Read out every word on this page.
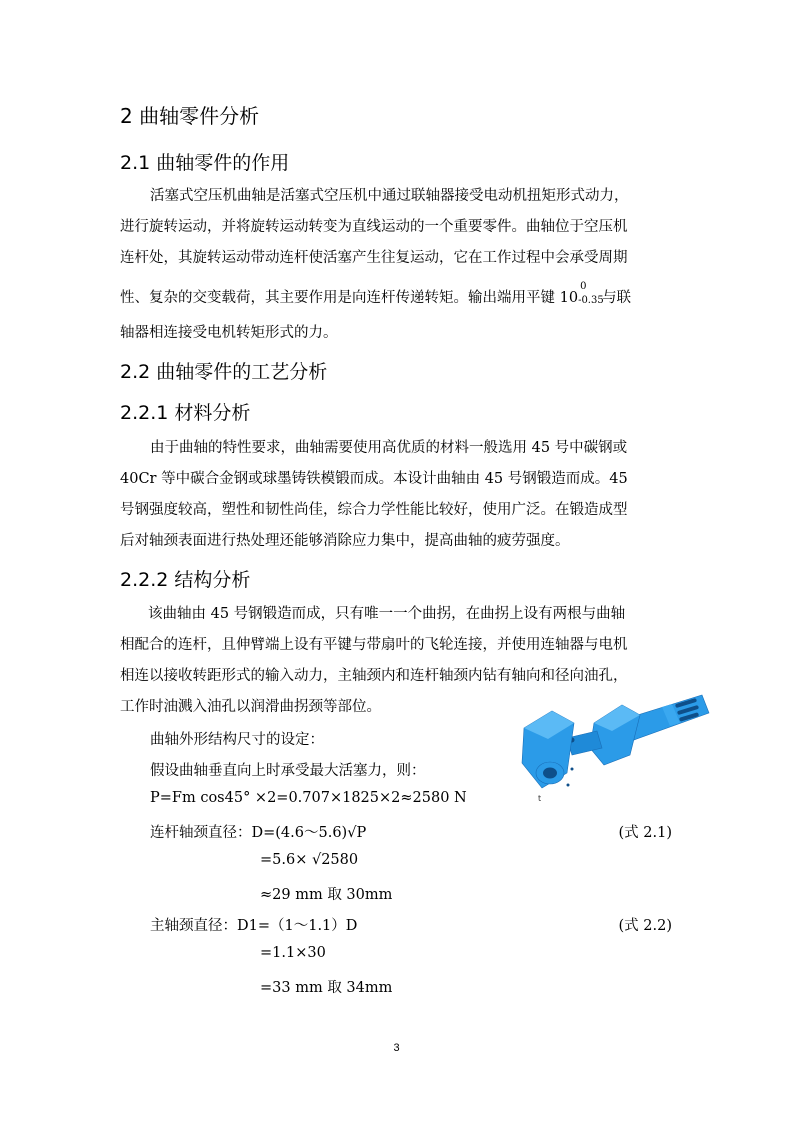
2 曲轴零件分析
2.1 曲轴零件的作用
活塞式空压机曲轴是活塞式空压机中通过联轴器接受电动机扭矩形式动力，
进行旋转运动，并将旋转运动转变为直线运动的一个重要零件。曲轴位于空压机
连杆处，其旋转运动带动连杆使活塞产生往复运动，它在工作过程中会承受周期
性、复杂的交变载荷，其主要作用是向连杆传递转矩。输出端用平键 10
0
-0.35
与联
轴器相连接受电机转矩形式的力。
2.2 曲轴零件的工艺分析
2.2.1 材料分析
由于曲轴的特性要求，曲轴需要使用高优质的材料一般选用 45 号中碳钢或
40Cr 等中碳合金钢或球墨铸铁模锻而成。本设计曲轴由 45 号钢锻造而成。45
号钢强度较高，塑性和韧性尚佳，综合力学性能比较好，使用广泛。在锻造成型
后对轴颈表面进行热处理还能够消除应力集中，提高曲轴的疲劳强度。
2.2.2 结构分析
该曲轴由 45 号钢锻造而成，只有唯一一个曲拐，在曲拐上设有两根与曲轴
相配合的连杆，且伸臂端上设有平键与带扇叶的飞轮连接，并使用连轴器与电机
相连以接收转距形式的输入动力，主轴颈内和连杆轴颈内钻有轴向和径向油孔，
工作时油溅入油孔以润滑曲拐颈等部位。
曲轴外形结构尺寸的设定：
假设曲轴垂直向上时承受最大活塞力，则：
P=Fm cos45° ×2=0.707×1825×2≈2580 N
连杆轴颈直径：D=(4.6～5.6)√P	(式 2.1)
=5.6× √2580
≈29 mm 取 30mm
主轴颈直径：D1=（1～1.1）D	(式 2.2)
=1.1×30
=33 mm 取 34mm
t
3
